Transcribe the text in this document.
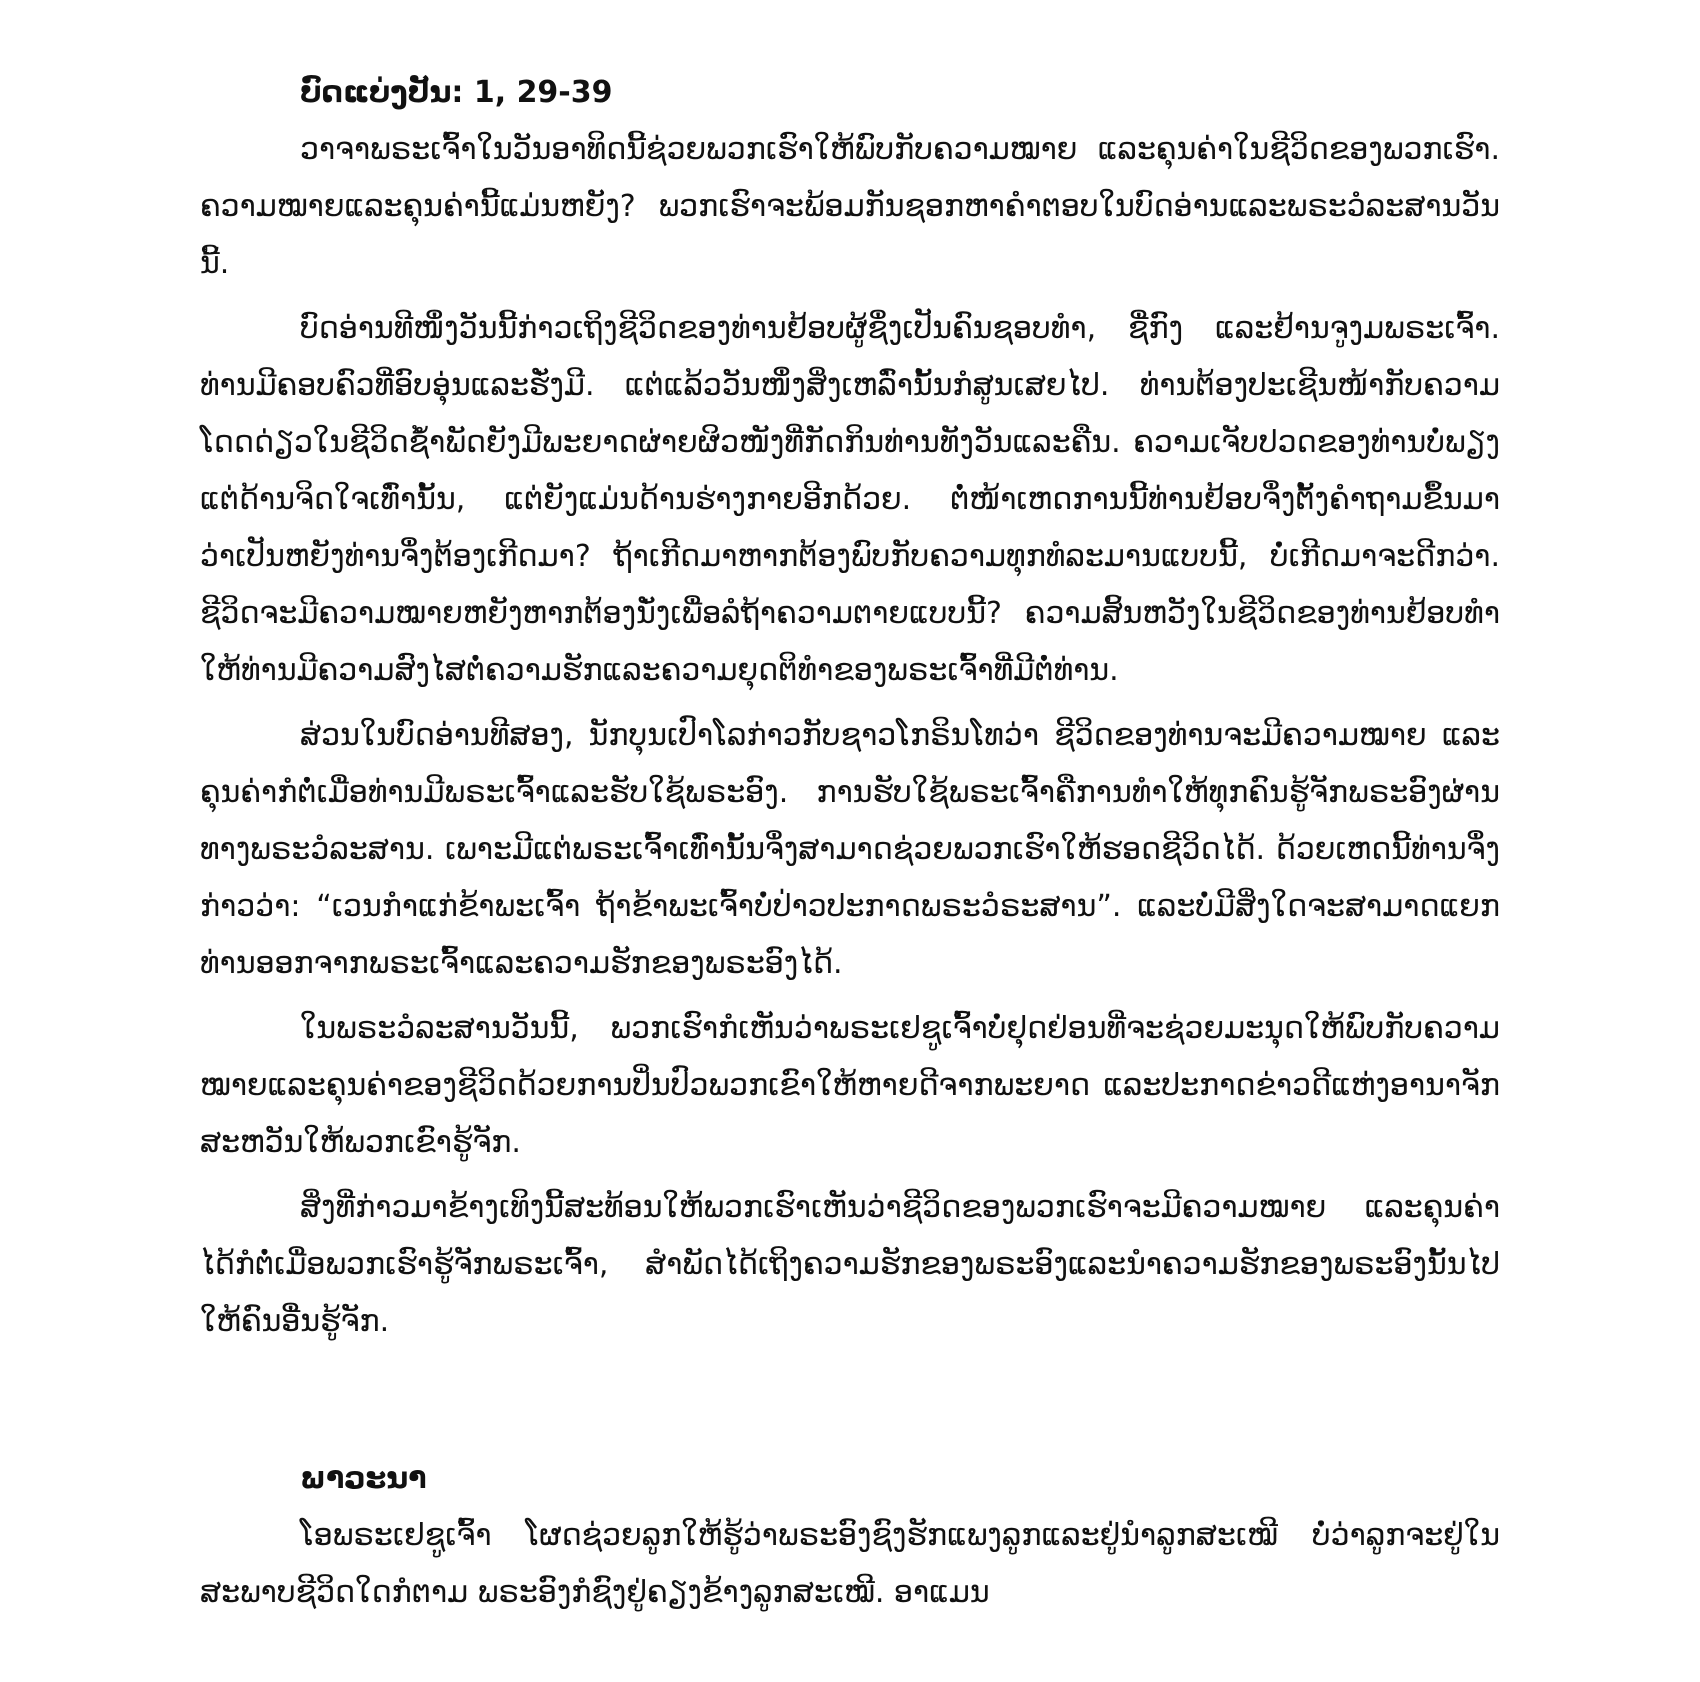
ບົດແບ່ງປັນ: 1, 29-39

ວາຈາພຣະເຈົ້າໃນວັນອາທິດນີ້ຊ່ວຍພວກເຮົາໃຫ້ພົບກັບຄວາມໝາຍ ແລະຄຸນຄ່າໃນຊີວິດຂອງພວກເຮົາ. ຄວາມໝາຍແລະຄຸນຄ່ານີ້ແມ່ນຫຍັງ? ພວກເຮົາຈະພ້ອມກັນຊອກຫາຄໍາຕອບໃນບົດອ່ານແລະພຣະວໍລະສານວັນນີ້.

ບົດອ່ານທີໜຶ່ງວັນນີ້ກ່າວເຖິງຊີວິດຂອງທ່ານຢ້ອບຜູ້ຊຶ່ງເປັນຄົນຊອບທໍາ, ຊື່ກົງ ແລະຢ້ານຈູງມພຣະເຈົ້າ. ທ່ານມີຄອບຄົວທີ່ອົບອຸ່ນແລະຮັ່ງມີ. ແຕ່ແລ້ວວັນໜຶ່ງສິ່ງເຫລົ່ານັ້ນກໍສູນເສຍໄປ. ທ່ານຕ້ອງປະເຊີນໜ້າກັບຄວາມໂດດດ່ຽວໃນຊີວິດຊໍ້າພັດຍັງມີພະຍາດຜ່າຍຜິວໜັງທີ່ກັດກິນທ່ານທັງວັນແລະຄືນ. ຄວາມເຈັບປວດຂອງທ່ານບໍ່ພຽງແຕ່ດ້ານຈິດໃຈເທົ່ານັ້ນ, ແຕ່ຍັງແມ່ນດ້ານຮ່າງກາຍອີກດ້ວຍ. ຕໍ່ໜ້າເຫດການນີ້ທ່ານຢ້ອບຈຶ່ງຕັ້ງຄໍາຖາມຂຶ້ນມາວ່າເປັນຫຍັງທ່ານຈຶ່ງຕ້ອງເກີດມາ? ຖ້າເກີດມາຫາກຕ້ອງພົບກັບຄວາມທຸກທໍລະມານແບບນີ້, ບໍ່ເກີດມາຈະດີກວ່າ. ຊີວິດຈະມີຄວາມໝາຍຫຍັງຫາກຕ້ອງນັ່ງເພື່ອລໍຖ້າຄວາມຕາຍແບບນີ້? ຄວາມສິ້ນຫວັງໃນຊີວິດຂອງທ່ານຢ້ອບທໍາໃຫ້ທ່ານມີຄວາມສົງໄສຕໍ່ຄວາມຮັກແລະຄວາມຍຸດຕິທໍາຂອງພຣະເຈົ້າທີ່ມີຕໍ່ທ່ານ.

ສ່ວນໃນບົດອ່ານທີສອງ, ນັກບຸນເປົາໂລກ່າວກັບຊາວໂກຣິນໂທວ່າ ຊີວິດຂອງທ່ານຈະມີຄວາມໝາຍ ແລະຄຸນຄ່າກໍຕໍ່ເມື່ອທ່ານມີພຣະເຈົ້າແລະຮັບໃຊ້ພຣະອົງ. ການຮັບໃຊ້ພຣະເຈົ້າຄືການທໍາໃຫ້ທຸກຄົນຮູ້ຈັກພຣະອົງຜ່ານທາງພຣະວໍລະສານ. ເພາະມີແຕ່ພຣະເຈົ້າເທົ່ານັ້ນຈຶ່ງສາມາດຊ່ວຍພວກເຮົາໃຫ້ຮອດຊີວິດໄດ້. ດ້ວຍເຫດນີ້ທ່ານຈຶ່ງກ່າວວ່າ: “ເວນກໍາແກ່ຂ້າພະເຈົ້າ ຖ້າຂ້າພະເຈົ້າບໍ່ປ່າວປະກາດພຣະວໍຣະສານ”. ແລະບໍ່ມີສິ່ງໃດຈະສາມາດແຍກທ່ານອອກຈາກພຣະເຈົ້າແລະຄວາມຮັກຂອງພຣະອົງໄດ້.

ໃນພຣະວໍລະສານວັນນີ້, ພວກເຮົາກໍເຫັນວ່າພຣະເຢຊູເຈົ້າບໍ່ຢຸດຢ່ອນທີ່ຈະຊ່ວຍມະນຸດໃຫ້ພົບກັບຄວາມໝາຍແລະຄຸນຄ່າຂອງຊີວິດດ້ວຍການປິ່ນປົວພວກເຂົາໃຫ້ຫາຍດີຈາກພະຍາດ ແລະປະກາດຂ່າວດີແຫ່ງອານາຈັກສະຫວັນໃຫ້ພວກເຂົາຮູ້ຈັກ.

ສິ່ງທີ່ກ່າວມາຂ້າງເທິງນີ້ສະທ້ອນໃຫ້ພວກເຮົາເຫັນວ່າຊີວິດຂອງພວກເຮົາຈະມີຄວາມໝາຍ ແລະຄຸນຄ່າໄດ້ກໍຕໍ່ເມື່ອພວກເຮົາຮູ້ຈັກພຣະເຈົ້າ, ສໍາພັດໄດ້ເຖິງຄວາມຮັກຂອງພຣະອົງແລະນໍາຄວາມຮັກຂອງພຣະອົງນັ້ນໄປໃຫ້ຄົນອື່ນຮູ້ຈັກ.

ພາວະນາ

ໂອພຣະເຢຊູເຈົ້າ ໂຜດຊ່ວຍລູກໃຫ້ຮູ້ວ່າພຣະອົງຊົງຮັກແພງລູກແລະຢູ່ນໍາລູກສະເໝີ ບໍ່ວ່າລູກຈະຢູ່ໃນສະພາບຊີວິດໃດກໍຕາມ ພຣະອົງກໍຊົງຢູ່ຄຽງຂ້າງລູກສະເໝີ. ອາແມນ
